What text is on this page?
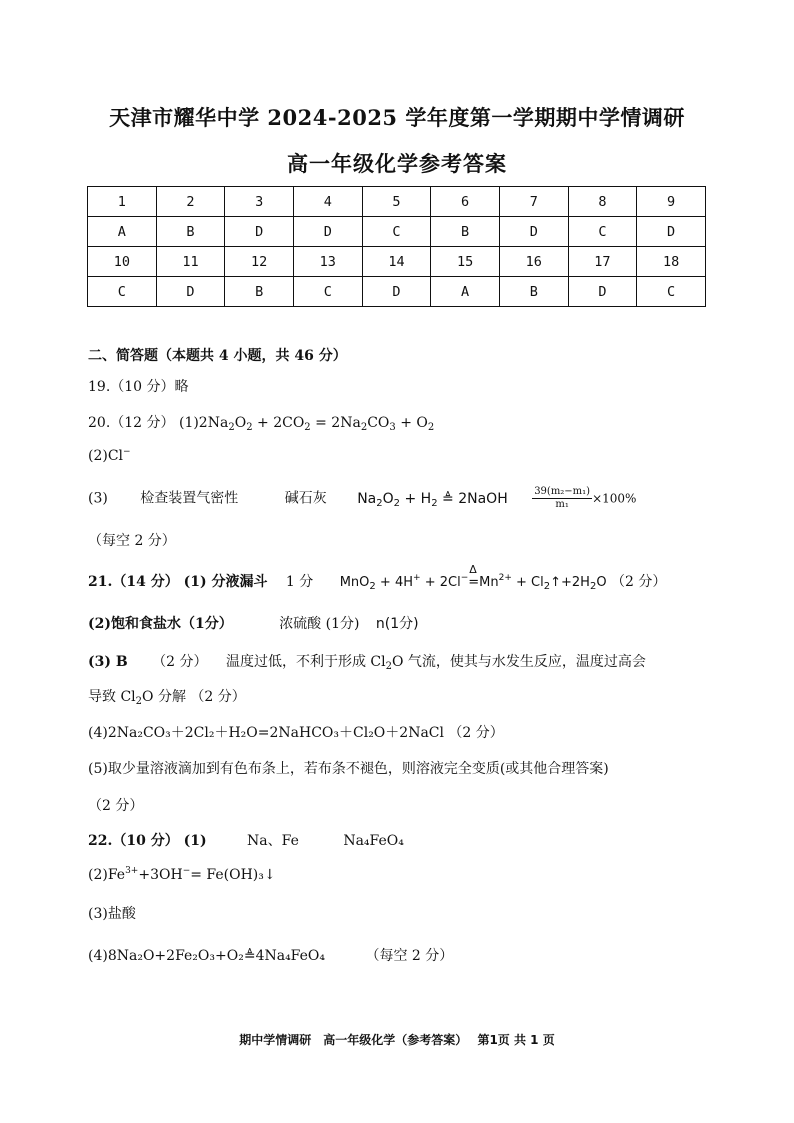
天津市耀华中学 2024-2025 学年度第一学期期中学情调研
高一年级化学参考答案
1	2	3	4	5	6	7	8	9
A	B	D	D	C	B	D	C	D
10	11	12	13	14	15	16	17	18
C	D	B	C	D	A	B	D	C
二、简答题（本题共 4 小题，共 46 分）
19.（10 分）略
20.（12 分） $(1)2Na_2O_2 + 2CO_2 = 2Na_2CO_3 + O_2$
(2)Cl−
(3) 检查装置气密性	碱石灰 $Na_2O_2 + H_2$ ≜ 2NaOH $\frac{\text{39(m₂−m₁)}}{\text{m₁}} \times 100\%$
（每空 2 分）
21.（14 分） (1) 分液漏斗 1 分 MnO$_2$ + 4H+ + 2Cl−
Δ
$=Mn^{2+}$ + $Cl_2↑+2H_2O$ （2 分）
(2)饱和食盐水（1分）	浓硫酸 (1分) n(1分)
(3) B （2 分） 温度过低，不利于形成 $Cl_2O$ 气流，使其与水发生反应，温度过高会
导致 $Cl_2O$ 分解 （2 分）
(4)2Na₂CO₃＋2Cl₂＋H₂O=2NaHCO₃＋Cl₂O＋2NaCl （2 分）
(5)取少量溶液滴加到有色布条上，若布条不褪色，则溶液完全变质(或其他合理答案)
（2 分）
22.（10 分） (1)	Na、Fe	Na₄FeO₄
$(2)Fe^{3+}+3OH^-=$ Fe(OH)₃↓
(3)盐酸
(4)8Na₂O+2Fe₂O₃+O₂≜4Na₄FeO₄	（每空 2 分）
期中学情调研　高一年级化学（参考答案）　 第1页 共 1 页
